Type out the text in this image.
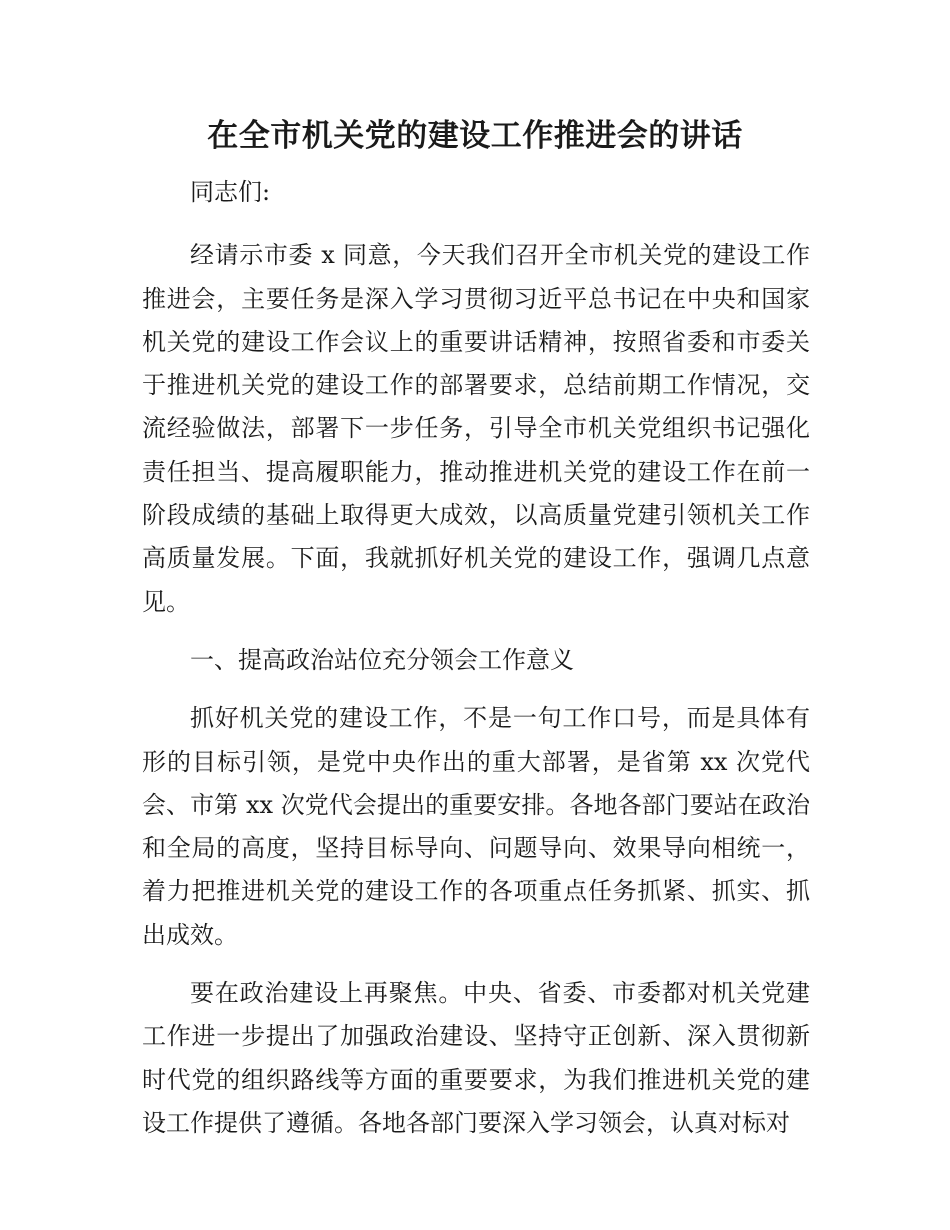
在全市机关党的建设工作推进会的讲话

同志们:

经请示市委 x 同意，今天我们召开全市机关党的建设工作推进会，主要任务是深入学习贯彻习近平总书记在中央和国家机关党的建设工作会议上的重要讲话精神，按照省委和市委关于推进机关党的建设工作的部署要求，总结前期工作情况，交流经验做法，部署下一步任务，引导全市机关党组织书记强化责任担当、提高履职能力，推动推进机关党的建设工作在前一阶段成绩的基础上取得更大成效，以高质量党建引领机关工作高质量发展。下面，我就抓好机关党的建设工作，强调几点意见。

一、提高政治站位充分领会工作意义

抓好机关党的建设工作，不是一句工作口号，而是具体有形的目标引领，是党中央作出的重大部署，是省第 xx 次党代会、市第 xx 次党代会提出的重要安排。各地各部门要站在政治和全局的高度，坚持目标导向、问题导向、效果导向相统一，着力把推进机关党的建设工作的各项重点任务抓紧、抓实、抓出成效。

要在政治建设上再聚焦。中央、省委、市委都对机关党建工作进一步提出了加强政治建设、坚持守正创新、深入贯彻新时代党的组织路线等方面的重要要求，为我们推进机关党的建设工作提供了遵循。各地各部门要深入学习领会，认真对标对
